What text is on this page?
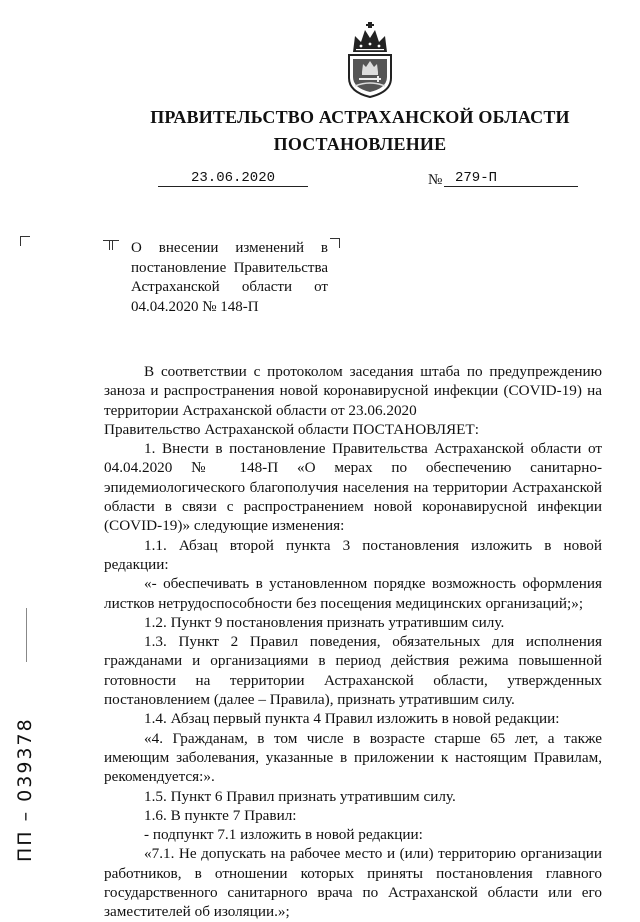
ПРАВИТЕЛЬСТВО АСТРАХАНСКОЙ ОБЛАСТИ
ПОСТАНОВЛЕНИЕ
23.06.2020	№ 279-П
О внесении изменений в постановление Правительства Астраханской области от 04.04.2020 № 148-П

В соответствии с протоколом заседания штаба по предупреждению заноза и распространения новой коронавирусной инфекции (COVID-19) на территории Астраханской области от 23.06.2020

Правительство Астраханской области ПОСТАНОВЛЯЕТ:

1. Внести в постановление Правительства Астраханской области от 04.04.2020 № 148-П «О мерах по обеспечению санитарно-эпидемиологического благополучия населения на территории Астраханской области в связи с распространением новой коронавирусной инфекции (COVID-19)» следующие изменения:

1.1. Абзац второй пункта 3 постановления изложить в новой редакции:

«- обеспечивать в установленном порядке возможность оформления листков нетрудоспособности без посещения медицинских организаций;»;

1.2. Пункт 9 постановления признать утратившим силу.

1.3. Пункт 2 Правил поведения, обязательных для исполнения гражданами и организациями в период действия режима повышенной готовности на территории Астраханской области, утвержденных постановлением (далее – Правила), признать утратившим силу.

1.4. Абзац первый пункта 4 Правил изложить в новой редакции:

«4. Гражданам, в том числе в возрасте старше 65 лет, а также имеющим заболевания, указанные в приложении к настоящим Правилам, рекомендуется:».

1.5. Пункт 6 Правил признать утратившим силу.

1.6. В пункте 7 Правил:

- подпункт 7.1 изложить в новой редакции:

«7.1. Не допускать на рабочее место и (или) территорию организации работников, в отношении которых приняты постановления главного государственного санитарного врача по Астраханской области или его заместителей об изоляции.»;

ПП – 039378
